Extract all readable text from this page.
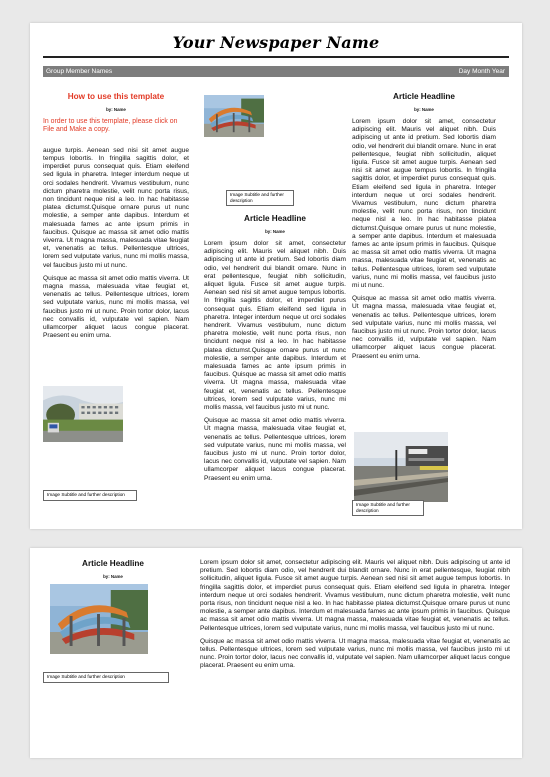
Your Newspaper Name
Group Member Names	Day Month Year

How to use this template

by: Name

In order to use this template, please click on File and Make a copy.

augue turpis. Aenean sed nisi sit amet augue tempus lobortis. In fringilla sagittis dolor, et imperdiet purus consequat quis. Etiam eleifend sed ligula in pharetra. Integer interdum neque ut orci sodales hendrerit. Vivamus vestibulum, nunc dictum pharetra molestie, velit nunc porta risus, non tincidunt neque nisl a leo. In hac habitasse platea dictumst.Quisque ornare purus ut nunc molestie, a semper ante dapibus. Interdum et malesuada fames ac ante ipsum primis in faucibus. Quisque ac massa sit amet odio mattis viverra. Ut magna massa, malesuada vitae feugiat et, venenatis ac tellus. Pellentesque ultrices, lorem sed vulputate varius, nunc mi mollis massa, vel faucibus justo mi ut nunc.

Quisque ac massa sit amet odio mattis viverra. Ut magna massa, malesuada vitae feugiat et, venenatis ac tellus. Pellentesque ultrices, lorem sed vulputate varius, nunc mi mollis massa, vel faucibus justo mi ut nunc. Proin tortor dolor, lacus nec convallis id, vulputate vel sapien. Nam ullamcorper aliquet lacus congue placerat. Praesent eu enim urna.

Image Subtitle and further description
Image Subtitle and further description

Article Headline

by: Name

Lorem ipsum dolor sit amet, consectetur adipiscing elit. Mauris vel aliquet nibh. Duis adipiscing ut ante id pretium. Sed lobortis diam odio, vel hendrerit dui blandit ornare. Nunc in erat pellentesque, feugiat nibh sollicitudin, aliquet ligula. Fusce sit amet augue turpis. Aenean sed nisi sit amet augue tempus lobortis. In fringilla sagittis dolor, et imperdiet purus consequat quis. Etiam eleifend sed ligula in pharetra. Integer interdum neque ut orci sodales hendrerit. Vivamus vestibulum, nunc dictum pharetra molestie, velit nunc porta risus, non tincidunt neque nisl a leo. In hac habitasse platea dictumst.Quisque ornare purus ut nunc molestie, a semper ante dapibus. Interdum et malesuada fames ac ante ipsum primis in faucibus. Quisque ac massa sit amet odio mattis viverra. Ut magna massa, malesuada vitae feugiat et, venenatis ac tellus. Pellentesque ultrices, lorem sed vulputate varius, nunc mi mollis massa, vel faucibus justo mi ut nunc.

Quisque ac massa sit amet odio mattis viverra. Ut magna massa, malesuada vitae feugiat et, venenatis ac tellus. Pellentesque ultrices, lorem sed vulputate varius, nunc mi mollis massa, vel faucibus justo mi ut nunc. Proin tortor dolor, lacus nec convallis id, vulputate vel sapien. Nam ullamcorper aliquet lacus congue placerat. Praesent eu enim urna.

Article Headline

by: Name

Lorem ipsum dolor sit amet, consectetur adipiscing elit. Mauris vel aliquet nibh. Duis adipiscing ut ante id pretium. Sed lobortis diam odio, vel hendrerit dui blandit ornare. Nunc in erat pellentesque, feugiat nibh sollicitudin, aliquet ligula. Fusce sit amet augue turpis. Aenean sed nisi sit amet augue tempus lobortis. In fringilla sagittis dolor, et imperdiet purus consequat quis. Etiam eleifend sed ligula in pharetra. Integer interdum neque ut orci sodales hendrerit. Vivamus vestibulum, nunc dictum pharetra molestie, velit nunc porta risus, non tincidunt neque nisl a leo. In hac habitasse platea dictumst.Quisque ornare purus ut nunc molestie, a semper ante dapibus. Interdum et malesuada fames ac ante ipsum primis in faucibus. Quisque ac massa sit amet odio mattis viverra. Ut magna massa, malesuada vitae feugiat et, venenatis ac tellus. Pellentesque ultrices, lorem sed vulputate varius, nunc mi mollis massa, vel faucibus justo mi ut nunc.

Quisque ac massa sit amet odio mattis viverra. Ut magna massa, malesuada vitae feugiat et, venenatis ac tellus. Pellentesque ultrices, lorem sed vulputate varius, nunc mi mollis massa, vel faucibus justo mi ut nunc. Proin tortor dolor, lacus nec convallis id, vulputate vel sapien. Nam ullamcorper aliquet lacus congue placerat. Praesent eu enim urna.

Image Subtitle and further description

Article Headline

by: Name

Image Subtitle and further description

Lorem ipsum dolor sit amet, consectetur adipiscing elit. Mauris vel aliquet nibh. Duis adipiscing ut ante id pretium. Sed lobortis diam odio, vel hendrerit dui blandit ornare. Nunc in erat pellentesque, feugiat nibh sollicitudin, aliquet ligula. Fusce sit amet augue turpis. Aenean sed nisi sit amet augue tempus lobortis. In fringilla sagittis dolor, et imperdiet purus consequat quis. Etiam eleifend sed ligula in pharetra. Integer interdum neque ut orci sodales hendrerit. Vivamus vestibulum, nunc dictum pharetra molestie, velit nunc porta risus, non tincidunt neque nisl a leo. In hac habitasse platea dictumst.Quisque ornare purus ut nunc molestie, a semper ante dapibus. Interdum et malesuada fames ac ante ipsum primis in faucibus. Quisque ac massa sit amet odio mattis viverra. Ut magna massa, malesuada vitae feugiat et, venenatis ac tellus. Pellentesque ultrices, lorem sed vulputate varius, nunc mi mollis massa, vel faucibus justo mi ut nunc.

Quisque ac massa sit amet odio mattis viverra. Ut magna massa, malesuada vitae feugiat et, venenatis ac tellus. Pellentesque ultrices, lorem sed vulputate varius, nunc mi mollis massa, vel faucibus justo mi ut nunc. Proin tortor dolor, lacus nec convallis id, vulputate vel sapien. Nam ullamcorper aliquet lacus congue placerat. Praesent eu enim urna.
